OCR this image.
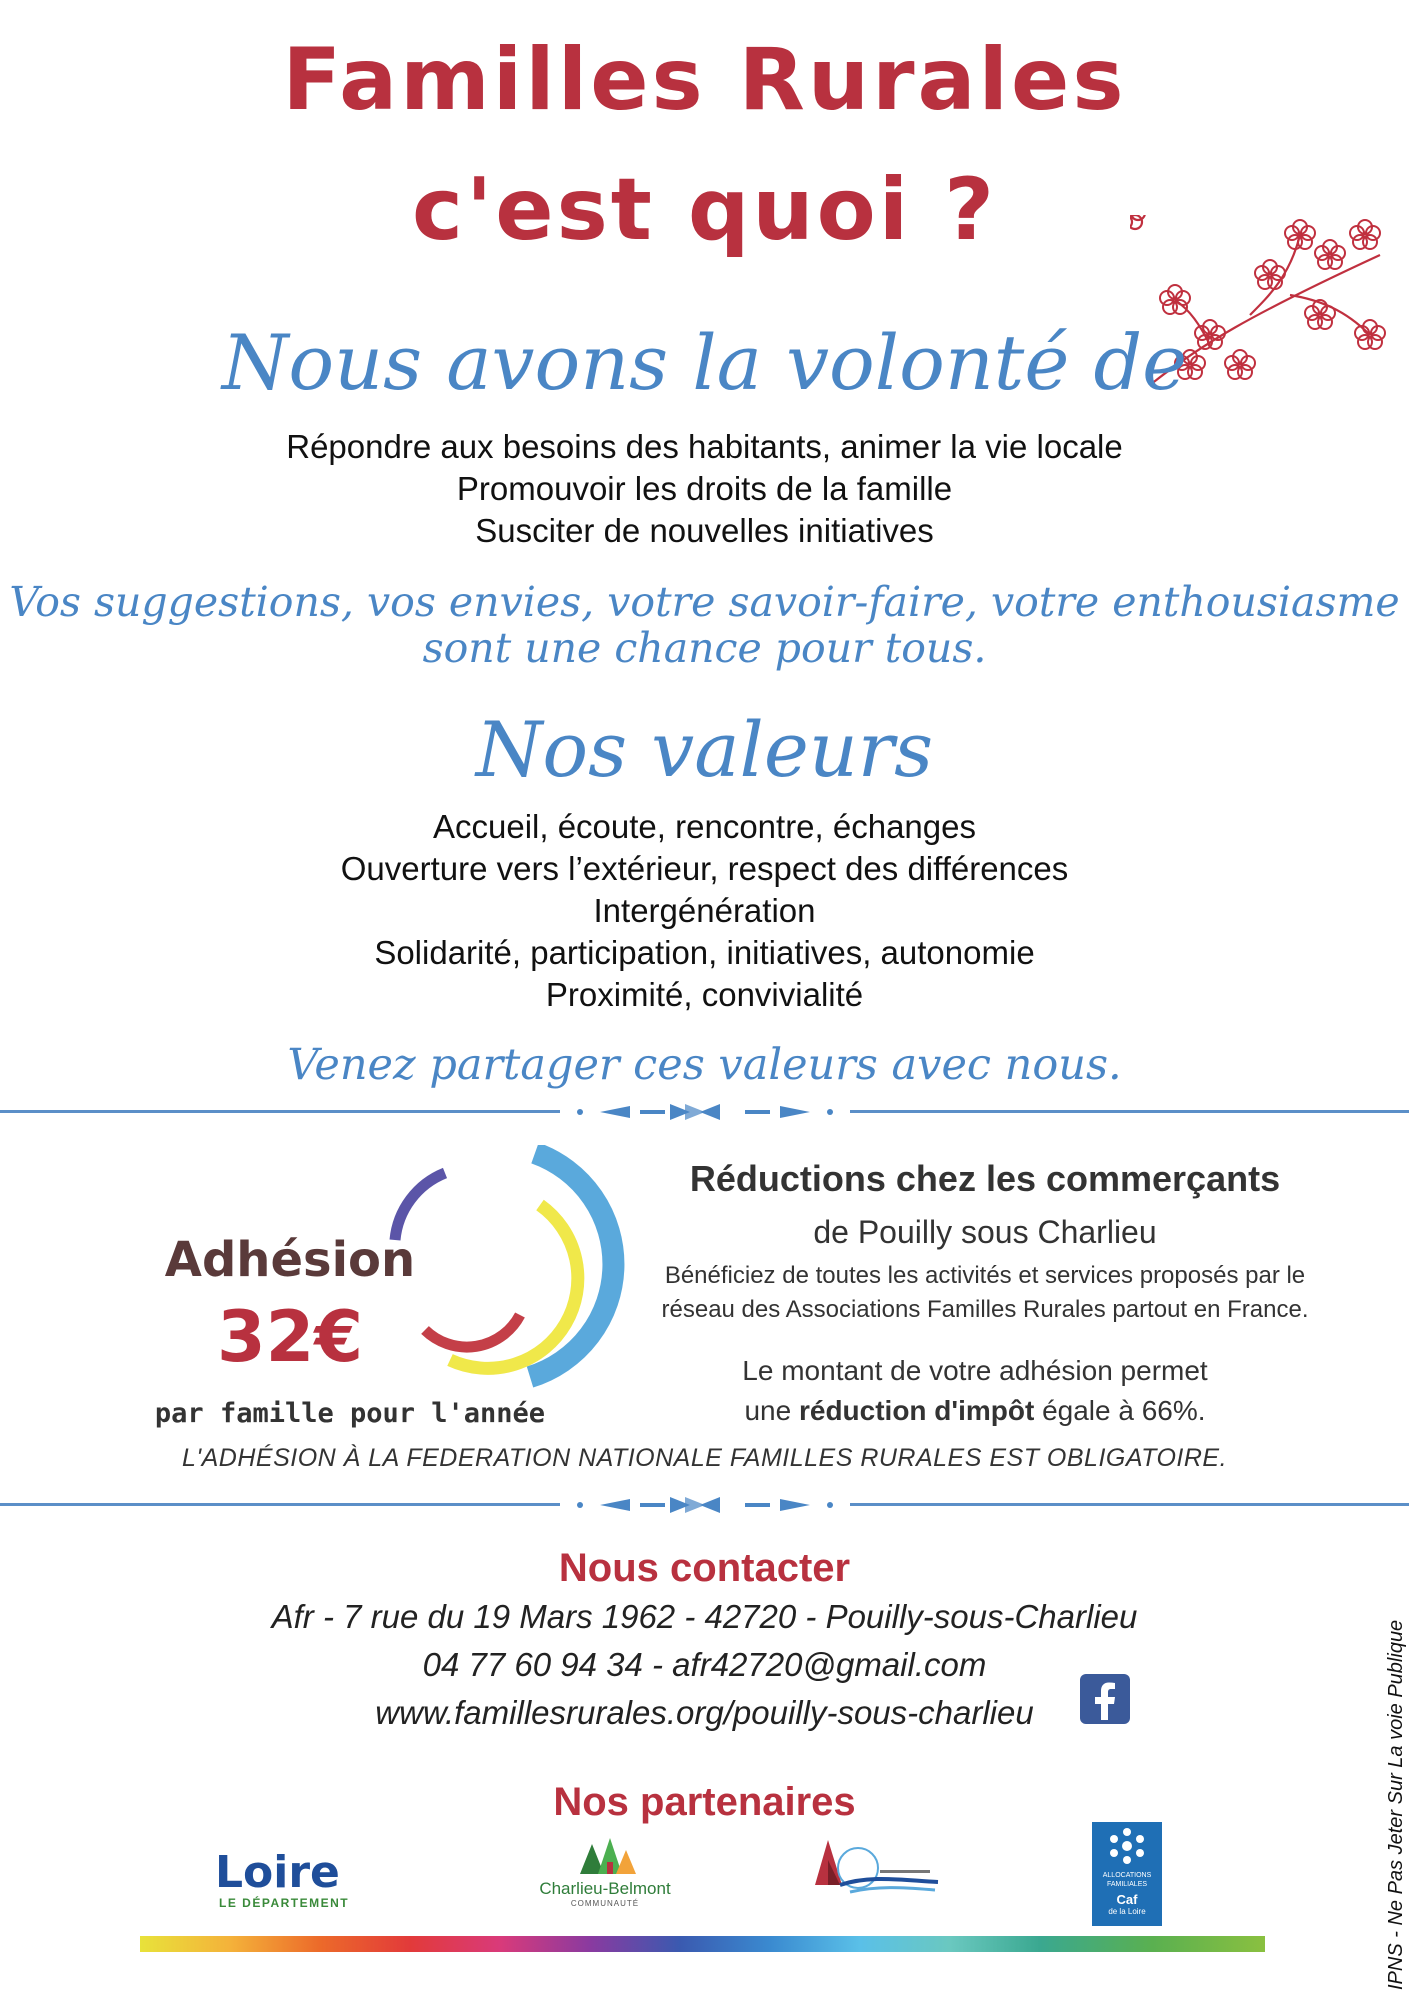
Familles Rurales
c'est quoi ?
Nous avons la volonté de
Répondre aux besoins des habitants, animer la vie locale
Promouvoir les droits de la famille
Susciter de nouvelles initiatives
Vos suggestions, vos envies, votre savoir-faire, votre enthousiasme
sont une chance pour tous.
Nos valeurs
Accueil, écoute, rencontre, échanges
Ouverture vers l’extérieur, respect des différences
Intergénération
Solidarité, participation, initiatives, autonomie
Proximité, convivialité
Venez partager ces valeurs avec nous.
Adhésion
32€
par famille pour l'année
Réductions chez les commerçants
de Pouilly sous Charlieu
Bénéficiez de toutes les activités et services proposés par le
réseau des Associations Familles Rurales partout en France.
Le montant de votre adhésion permet
une réduction d'impôt égale à 66%.
L'ADHÉSION À LA FEDERATION NATIONALE FAMILLES RURALES EST OBLIGATOIRE.
Nous contacter
Afr - 7 rue du 19 Mars 1962 - 42720 - Pouilly-sous-Charlieu
04 77 60 94 34 - afr42720@gmail.com
www.famillesrurales.org/pouilly-sous-charlieu
Nos partenaires
Loire
LE DÉPARTEMENT
Charlieu-Belmont
COMMUNAUTÉ
ALLOCATIONS
FAMILIALES
Caf
de la Loire	IPNS - Ne Pas Jeter Sur La voie Publique
